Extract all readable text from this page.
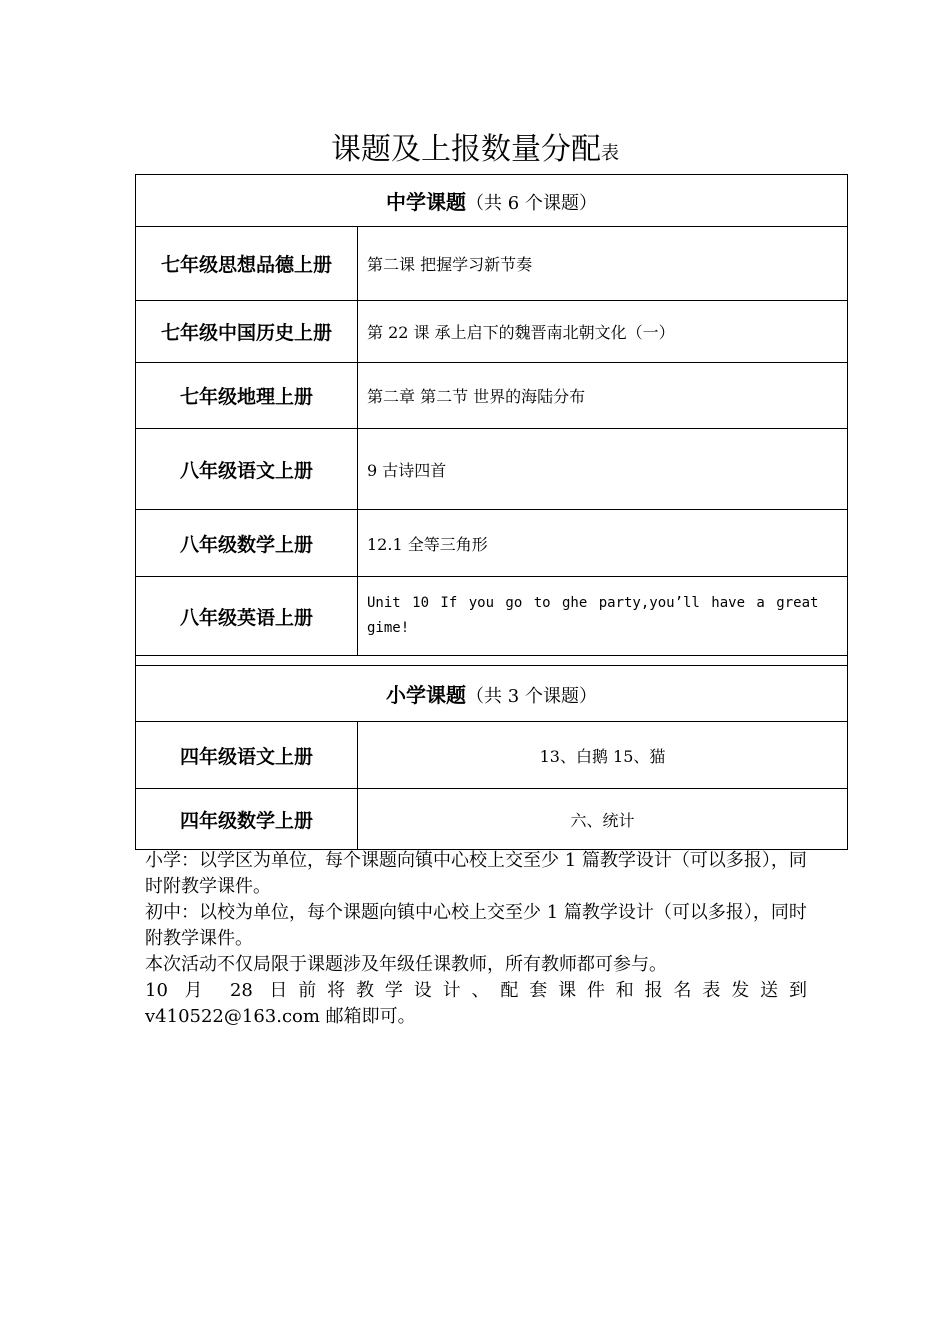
课题及上报数量分配表
中学课题（共 6 个课题）	
七年级思想品德上册	第二课 把握学习新节奏
七年级中国历史上册	第 22 课 承上启下的魏晋南北朝文化（一）
七年级地理上册	第二章 第二节 世界的海陆分布
八年级语文上册	9 古诗四首
八年级数学上册	12.1 全等三角形
八年级英语上册	Unit 10 If you go to ghe party,you’ll have a great gime!

小学课题（共 3 个课题）	
四年级语文上册	13、白鹅 15、猫
四年级数学上册	六、统计

小学：以学区为单位，每个课题向镇中心校上交至少 1 篇教学设计（可以多报），同时附教学课件。

初中：以校为单位，每个课题向镇中心校上交至少 1 篇教学设计（可以多报），同时附教学课件。

本次活动不仅局限于课题涉及年级任课教师，所有教师都可参与。

10 月 28 日前将教学设计、配套课件和报名表发送到

v410522@163.com 邮箱即可。
